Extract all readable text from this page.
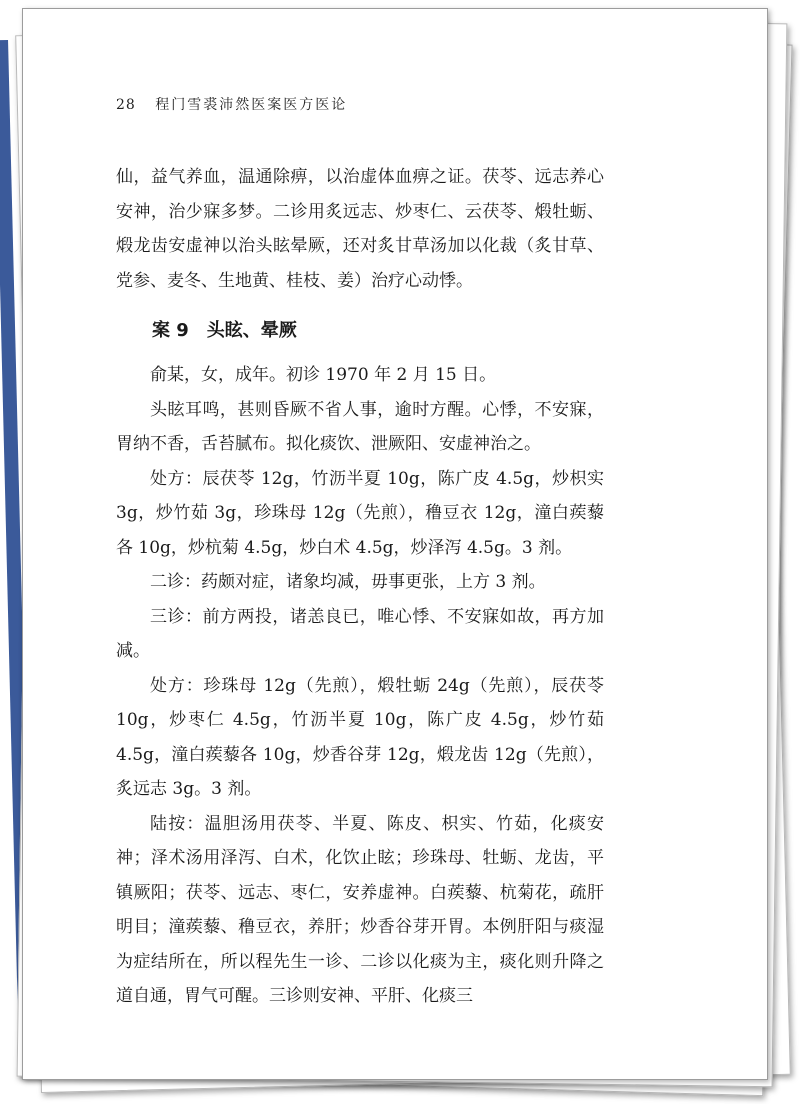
28 程门雪裘沛然医案医方医论

仙，益气养血，温通除痹，以治虚体血痹之证。茯苓、远志养心安神，治少寐多梦。二诊用炙远志、炒枣仁、云茯苓、煅牡蛎、煅龙齿安虚神以治头眩晕厥，还对炙甘草汤加以化裁（炙甘草、党参、麦冬、生地黄、桂枝、姜）治疗心动悸。

案 9 头眩、晕厥

俞某，女，成年。初诊 1970 年 2 月 15 日。

头眩耳鸣，甚则昏厥不省人事，逾时方醒。心悸，不安寐，胃纳不香，舌苔腻布。拟化痰饮、泄厥阳、安虚神治之。

处方：辰茯苓 12g，竹沥半夏 10g，陈广皮 4.5g，炒枳实 3g，炒竹茹 3g，珍珠母 12g（先煎），穞豆衣 12g，潼白蒺藜各 10g，炒杭菊 4.5g，炒白术 4.5g，炒泽泻 4.5g。3 剂。

二诊：药颇对症，诸象均减，毋事更张，上方 3 剂。

三诊：前方两投，诸恙良已，唯心悸、不安寐如故，再方加减。

处方：珍珠母 12g（先煎），煅牡蛎 24g（先煎），辰茯苓 10g，炒枣仁 4.5g，竹沥半夏 10g，陈广皮 4.5g，炒竹茹 4.5g，潼白蒺藜各 10g，炒香谷芽 12g，煅龙齿 12g（先煎），炙远志 3g。3 剂。

陆按：温胆汤用茯苓、半夏、陈皮、枳实、竹茹，化痰安神；泽术汤用泽泻、白术，化饮止眩；珍珠母、牡蛎、龙齿，平镇厥阳；茯苓、远志、枣仁，安养虚神。白蒺藜、杭菊花，疏肝明目；潼蒺藜、穞豆衣，养肝；炒香谷芽开胃。本例肝阳与痰湿为症结所在，所以程先生一诊、二诊以化痰为主，痰化则升降之道自通，胃气可醒。三诊则安神、平肝、化痰三
